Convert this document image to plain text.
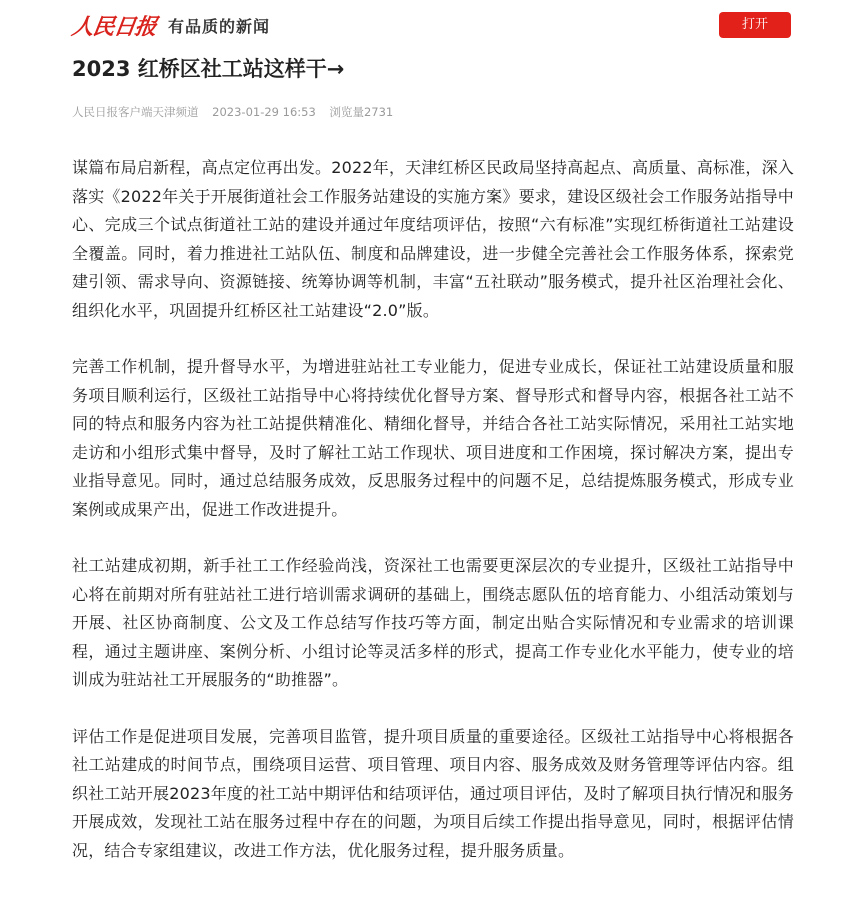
人民日报 有品质的新闻	打开
2023 红桥区社工站这样干→
人民日报客户端天津频道 2023-01-29 16:53 浏览量2731

谋篇布局启新程，高点定位再出发。2022年，天津红桥区民政局坚持高起点、高质量、高标准，深入落实《2022年关于开展街道社会工作服务站建设的实施方案》要求，建设区级社会工作服务站指导中心、完成三个试点街道社工站的建设并通过年度结项评估，按照“六有标准”实现红桥街道社工站建设全覆盖。同时，着力推进社工站队伍、制度和品牌建设，进一步健全完善社会工作服务体系，探索党建引领、需求导向、资源链接、统筹协调等机制，丰富“五社联动”服务模式，提升社区治理社会化、组织化水平，巩固提升红桥区社工站建设“2.0”版。

完善工作机制，提升督导水平，为增进驻站社工专业能力，促进专业成长，保证社工站建设质量和服务项目顺利运行，区级社工站指导中心将持续优化督导方案、督导形式和督导内容，根据各社工站不同的特点和服务内容为社工站提供精准化、精细化督导，并结合各社工站实际情况，采用社工站实地走访和小组形式集中督导，及时了解社工站工作现状、项目进度和工作困境，探讨解决方案，提出专业指导意见。同时，通过总结服务成效，反思服务过程中的问题不足，总结提炼服务模式，形成专业案例或成果产出，促进工作改进提升。

社工站建成初期，新手社工工作经验尚浅，资深社工也需要更深层次的专业提升，区级社工站指导中心将在前期对所有驻站社工进行培训需求调研的基础上，围绕志愿队伍的培育能力、小组活动策划与开展、社区协商制度、公文及工作总结写作技巧等方面，制定出贴合实际情况和专业需求的培训课程，通过主题讲座、案例分析、小组讨论等灵活多样的形式，提高工作专业化水平能力，使专业的培训成为驻站社工开展服务的“助推器”。

评估工作是促进项目发展，完善项目监管，提升项目质量的重要途径。区级社工站指导中心将根据各社工站建成的时间节点，围绕项目运营、项目管理、项目内容、服务成效及财务管理等评估内容。组织社工站开展2023年度的社工站中期评估和结项评估，通过项目评估，及时了解项目执行情况和服务开展成效，发现社工站在服务过程中存在的问题，为项目后续工作提出指导意见，同时，根据评估情况，结合专家组建议，改进工作方法，优化服务过程，提升服务质量。
